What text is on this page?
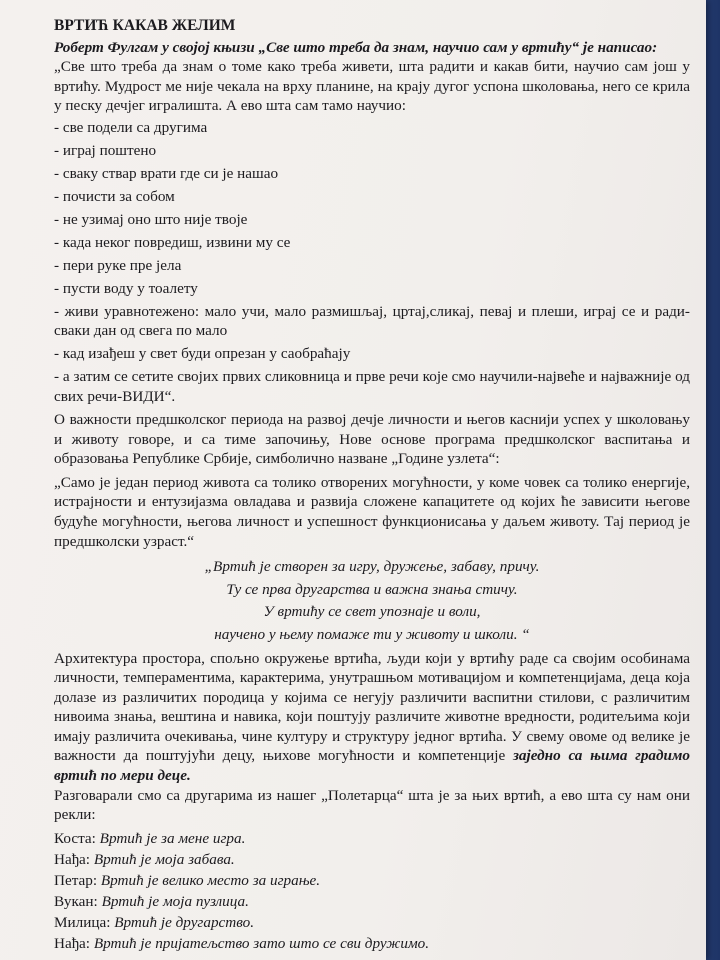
ВРТИЋ КАКАВ ЖЕЛИМ

Роберт Фулгам у својој књизи „Све што треба да знам, научио сам у вртићу“ је написао:

„Све што треба да знам о томе како треба живети, шта радити и какав бити, научио сам још у вртићу. Мудрост ме није чекала на врху планине, на крају дугог успона школовања, него се крила у песку дечјег игралишта. А ево шта сам тамо научио:

- све подели са другима
- играј поштено
- сваку ствар врати где си је нашао
- почисти за собом
- не узимај оно што није твоје
- када неког повредиш, извини му се
- пери руке пре јела
- пусти воду у тоалету
- живи уравнотежено: мало учи, мало размишљај, цртај,сликај, певај и плеши, играј се и ради-сваки дан од свега по мало
- кад изађеш у свет буди опрезан у саобраћају
- а затим се сетите својих првих сликовница и прве речи које смо научили-највеће и најважније од свих речи-ВИДИ“.

О важности предшколског периода на развој дечје личности и његов каснији успех у школовању и животу говоре, и са тиме започињу, Нове основе програма предшколског васпитања и образовања Републике Србије, симболично назване „Године узлета“:

„Само је један период живота са толико отворених могућности, у коме човек са толико енергије, истрајности и ентузијазма овладава и развија сложене капацитете од којих ће зависити његове будуће могућности, његова личност и успешност функционисања у даљем животу. Тај период је предшколски узраст.“

„Вртић је створен за игру, дружење, забаву, причу.
Ту се прва другарства и важна знања стичу.
У вртићу се свет упознаје и воли,
научено у њему помаже ти у животу и школи. “

Архитектура простора, спољно окружење вртића, људи који у вртићу раде са својим особинама личности, темпераментима, карактерима, унутрашњом мотивацијом и компетенцијама, деца која долазе из различитих породица у којима се негују различити васпитни стилови, с различитим нивоима знања, вештина и навика, који поштују различите животне вредности, родитељима који имају различита очекивања, чине културу и структуру једног вртића. У свему овоме од велике је важности да поштујући децу, њихове могућности и компетенције заједно са њима градимо вртић по мери деце.

Разговарали смо са другарима из нашег „Полетарца“ шта је за њих вртић, а ево шта су нам они рекли:

Коста: Вртић је за мене игра.
Нађа: Вртић је моја забава.
Петар: Вртић је велико место за играње.
Вукан: Вртић је моја пузлица.
Милица: Вртић је другарство.
Нађа: Вртић је пријатељство зато што се сви дружимо.
